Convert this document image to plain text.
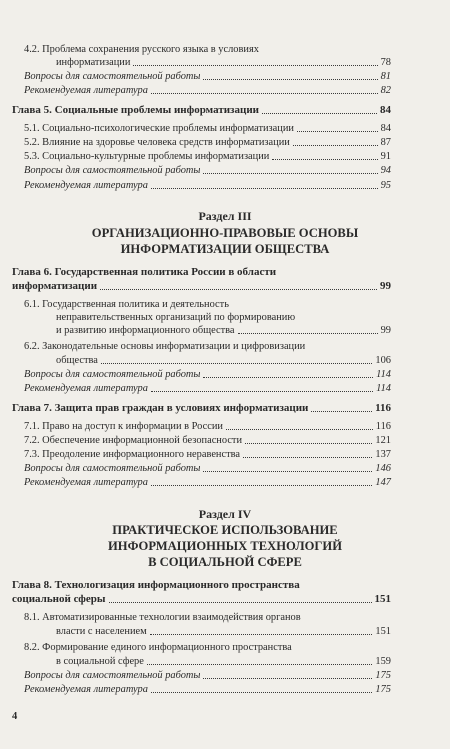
4.2. Проблема сохранения русского языка в условиях
информатизации	78
Вопросы для самостоятельной работы	81
Рекомендуемая литература	82
Глава 5. Социальные проблемы информатизации	84
5.1. Социально-психологические проблемы информатизации	84
5.2. Влияние на здоровье человека средств информатизации	87
5.3. Социально-культурные проблемы информатизации	91
Вопросы для самостоятельной работы	94
Рекомендуемая литература	95
Раздел III
ОРГАНИЗАЦИОННО-ПРАВОВЫЕ ОСНОВЫ
ИНФОРМАТИЗАЦИИ ОБЩЕСТВА
Глава 6. Государственная политика России в области
информатизации	99
6.1. Государственная политика и деятельность
неправительственных организаций по формированию
и развитию информационного общества	99
6.2. Законодательные основы информатизации и цифровизации
общества	106
Вопросы для самостоятельной работы	114
Рекомендуемая литература	114
Глава 7. Защита прав граждан в условиях информатизации	116
7.1. Право на доступ к информации в России	116
7.2. Обеспечение информационной безопасности	121
7.3. Преодоление информационного неравенства	137
Вопросы для самостоятельной работы	146
Рекомендуемая литература	147
Раздел IV
ПРАКТИЧЕСКОЕ ИСПОЛЬЗОВАНИЕ
ИНФОРМАЦИОННЫХ ТЕХНОЛОГИЙ
В СОЦИАЛЬНОЙ СФЕРЕ
Глава 8. Технологизация информационного пространства
социальной сферы	151
8.1. Автоматизированные технологии взаимодействия органов
власти с населением	151
8.2. Формирование единого информационного пространства
в социальной сфере	159
Вопросы для самостоятельной работы	175
Рекомендуемая литература	175
4
